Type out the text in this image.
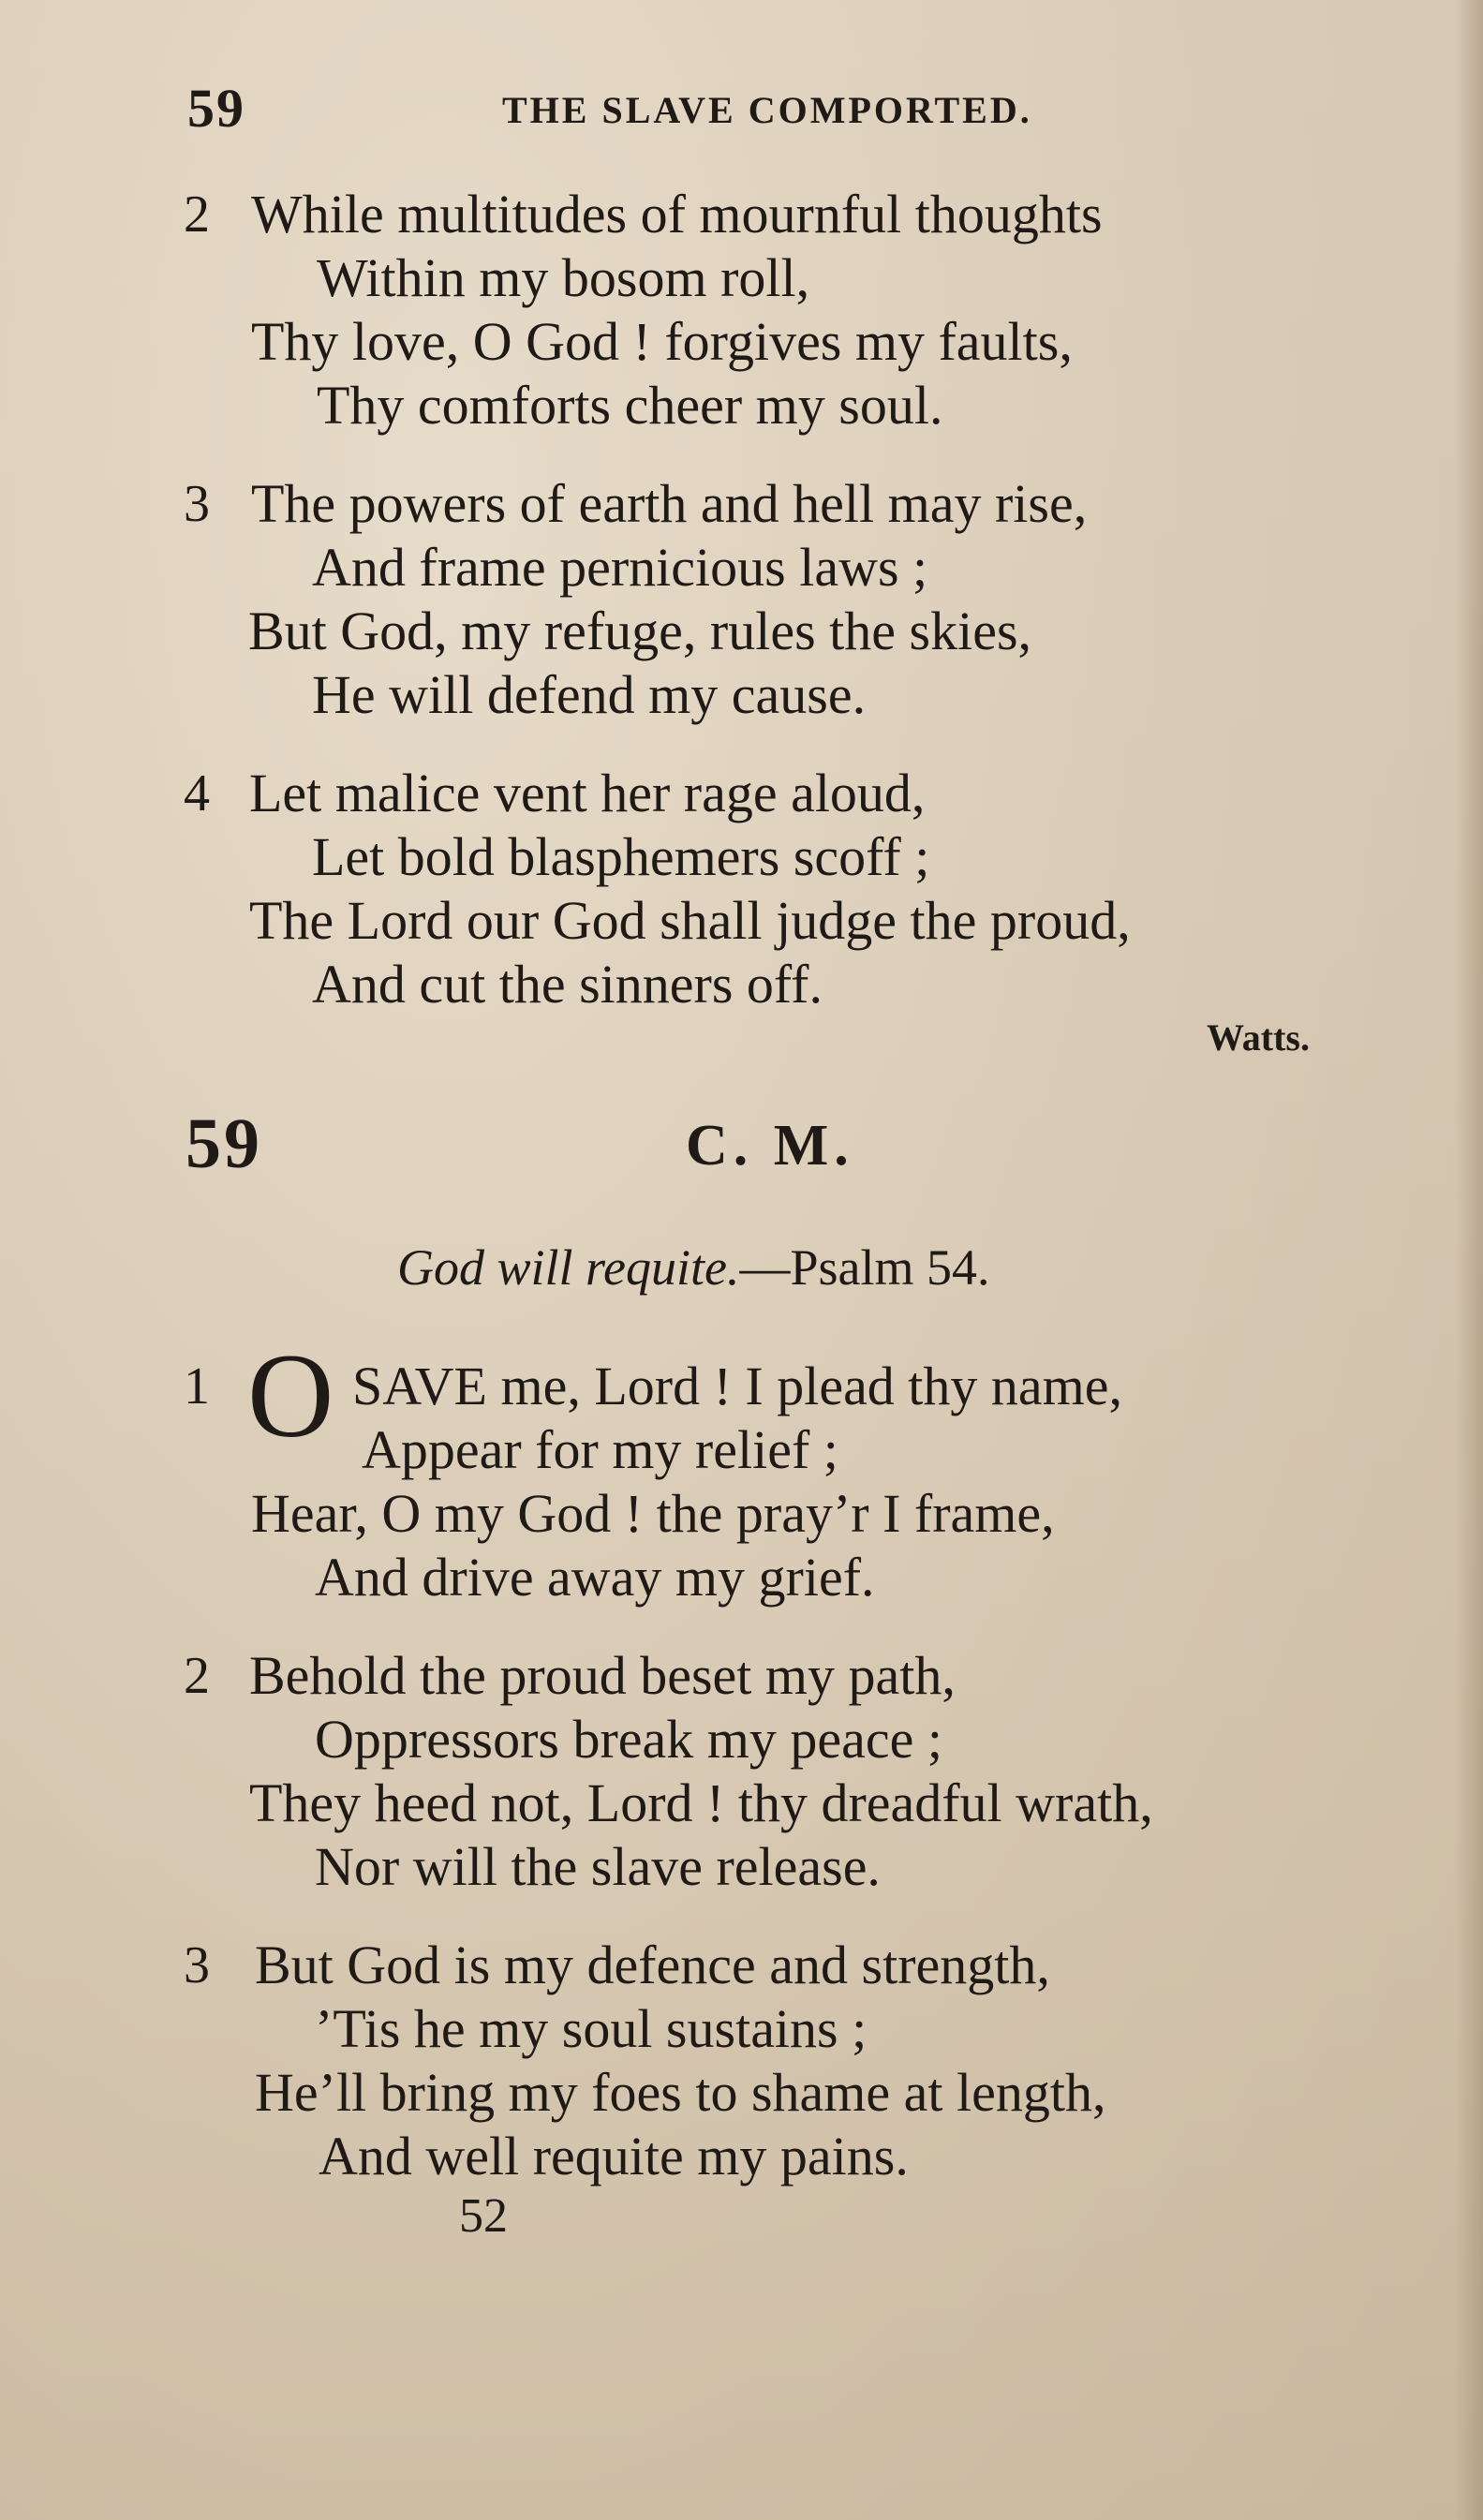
59	THE SLAVE COMPORTED.
2 While multitudes of mournful thoughts
Within my bosom roll,
Thy love, O God ! forgives my faults,
Thy comforts cheer my soul.
3 The powers of earth and hell may rise,
And frame pernicious laws ;
But God, my refuge, rules the skies,
He will defend my cause.
4 Let malice vent her rage aloud,
Let bold blasphemers scoff ;
The Lord our God shall judge the proud,
And cut the sinners off.
Watts.
59	C. M.
God will requite.—Psalm 54.
1 O SAVE me, Lord ! I plead thy name,
Appear for my relief ;
Hear, O my God ! the pray’r I frame,
And drive away my grief.
2 Behold the proud beset my path,
Oppressors break my peace ;
They heed not, Lord ! thy dreadful wrath,
Nor will the slave release.
3 But God is my defence and strength,
’Tis he my soul sustains ;
He’ll bring my foes to shame at length,
And well requite my pains.
52
